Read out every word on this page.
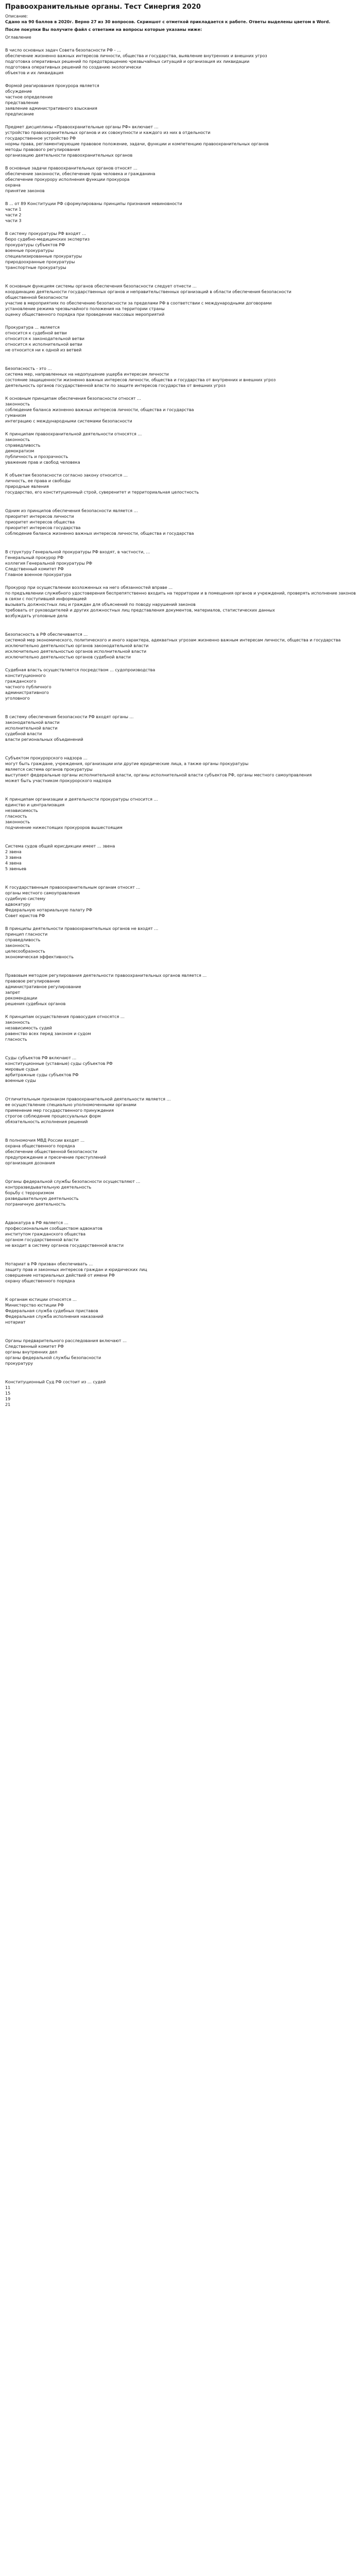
Правоохранительные органы. Тест Синергия 2020
Описание:
Сдано на 90 баллов в 2020г. Верно 27 из 30 вопросов. Скриншот с отметкой прикладается к работе. Ответы выделены цветом в Word.
После покупки Вы получите файл с ответами на вопросы которые указаны ниже:
Оглавление
В число основных задач Совета безопасности РФ - …
обеспечение жизненно важных интересов личности, общества и государства, выявление внутренних и внешних угроз
подготовка оперативных решений по предотвращению чрезвычайных ситуаций и организация их ликвидации
подготовка оперативных решений по созданию экологически
объектов и их ликвидация
Формой реагирования прокурора является
обсуждение
частное определение
представление
заявление административного взыскания
предписание
Предмет дисциплины «Правоохранительные органы РФ» включает …
устройство правоохранительных органов и их совокупности и каждого из них в отдельности
государственное устройство РФ
нормы права, регламентирующие правовое положение, задачи, функции и компетенцию правоохранительных органов
методы правового регулирования
организацию деятельности правоохранительных органов
В основные задачи правоохранительных органов относят …
обеспечение законности, обеспечение прав человека и гражданина
обеспечение прокурору исполнения функции прокурора
охрана
принятие законов
В ... от 89 Конституции РФ сформулированы принципы признания невиновности
части 1
части 2
части 3
В систему прокуратуры РФ входят …
бюро судебно-медицинских экспертиз
прокуратуры субъектов РФ
военные прокуратуры
специализированные прокуратуры
природоохранные прокуратуры
транспортные прокуратуры
К основным функциям системы органов обеспечения безопасности следует отнести …
координацию деятельности государственных органов и неправительственных организаций в области обеспечения безопасности
общественной безопасности
участие в мероприятиях по обеспечению безопасности за пределами РФ в соответствии с международными договорами
установление режима чрезвычайного положения на территории страны
оценку общественного порядка при проведении массовых мероприятий
Прокуратура ... является
относится к судебной ветви
относится к законодательной ветви
относится к исполнительной ветви
не относится ни к одной из ветвей
Безопасность - это …
система мер, направленных на недопущение ущерба интересам личности
состояние защищенности жизненно важных интересов личности, общества и государства от внутренних и внешних угроз
деятельность органов государственной власти по защите интересов государства от внешних угроз
К основным принципам обеспечения безопасности относят …
законность
соблюдение баланса жизненно важных интересов личности, общества и государства
гуманизм
интеграцию с международными системами безопасности
К принципам правоохранительной деятельности относятся …
законность
справедливость
демократизм
публичность и прозрачность
уважение прав и свобод человека
К объектам безопасности согласно закону относится …
личность, ее права и свободы
природные явления
государство, его конституционный строй, суверенитет и территориальная целостность
Одним из принципов обеспечения безопасности является …
приоритет интересов личности
приоритет интересов общества
приоритет интересов государства
соблюдение баланса жизненно важных интересов личности, общества и государства
В структуру Генеральной прокуратуры РФ входят, в частности, …
Генеральный прокурор РФ
коллегия Генеральной прокуратуры РФ
Следственный комитет РФ
Главное военное прокуратура
Прокурор при осуществлении возложенных на него обязанностей вправе …
по предъявлении служебного удостоверения беспрепятственно входить на территории и в помещения органов и учреждений, проверять исполнение законов в связи с поступившей информацией
вызывать должностных лиц и граждан для объяснений по поводу нарушений законов
требовать от руководителей и других должностных лиц представления документов, материалов, статистических данных
возбуждать уголовные дела
Безопасность в РФ обеспечивается …
системой мер экономического, политического и иного характера, адекватных угрозам жизненно важным интересам личности, общества и государства
исключительно деятельностью органов законодательной власти
исключительно деятельностью органов исполнительной власти
исключительно деятельностью органов судебной власти
Судебная власть осуществляется посредством ... судопроизводства
конституционного
гражданского
частного публичного
административного
уголовного
В систему обеспечения безопасности РФ входят органы …
законодательной власти
исполнительной власти
судебной власти
власти региональных объединений
Субъектом прокурорского надзора …
могут быть граждане, учреждения, организации или другие юридические лица, а также органы прокуратуры
является система органов прокуратуры
выступают федеральные органы исполнительной власти, органы исполнительной власти субъектов РФ, органы местного самоуправления
может быть участником прокурорского надзора
К принципам организации и деятельности прокуратуры относится …
единство и централизация
независимость
гласность
законность
подчинение нижестоящих прокуроров вышестоящим
Система судов общей юрисдикции имеет … звена
2 звена
3 звена
4 звена
5 звеньев
К государственным правоохранительным органам относят …
органы местного самоуправления
судебную систему
адвокатуру
Федеральную нотариальную палату РФ
Совет юристов РФ
В принципы деятельности правоохранительных органов не входят …
принцип гласности
справедливость
законность
целесообразность
экономическая эффективность
Правовым методом регулирования деятельности правоохранительных органов является …
правовое регулирование
административное регулирование
запрет
рекомендации
решения судебных органов
К принципам осуществления правосудия относятся …
законность
независимость судей
равенство всех перед законом и судом
гласность
Суды субъектов РФ включают …
конституционные (уставные) суды субъектов РФ
мировые судьи
арбитражные суды субъектов РФ
военные суды
Отличительным признаком правоохранительной деятельности является …
ее осуществление специально уполномоченными органами
применение мер государственного принуждения
строгое соблюдение процессуальных форм
обязательность исполнения решений
В полномочия МВД России входят …
охрана общественного порядка
обеспечение общественной безопасности
предупреждение и пресечение преступлений
организация дознания
Органы федеральной службы безопасности осуществляют …
контрразведывательную деятельность
борьбу с терроризмом
разведывательную деятельность
пограничную деятельность
Адвокатура в РФ является …
профессиональным сообществом адвокатов
институтом гражданского общества
органом государственной власти
не входит в систему органов государственной власти
Нотариат в РФ призван обеспечивать …
защиту прав и законных интересов граждан и юридических лиц
совершение нотариальных действий от имени РФ
охрану общественного порядка
К органам юстиции относятся …
Министерство юстиции РФ
Федеральная служба судебных приставов
Федеральная служба исполнения наказаний
нотариат
Органы предварительного расследования включают …
Следственный комитет РФ
органы внутренних дел
органы федеральной службы безопасности
прокуратуру
Конституционный Суд РФ состоит из … судей
11
15
19
21
